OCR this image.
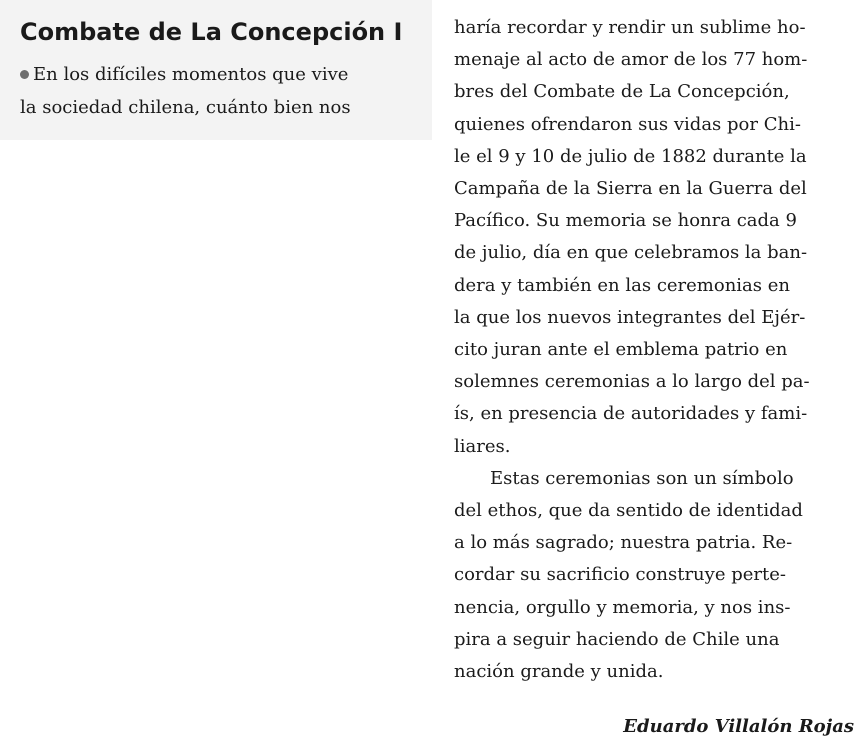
Combate de La Concepción I
En los difíciles momentos que vive
la sociedad chilena, cuánto bien nos
haría recordar y rendir un sublime ho-
menaje al acto de amor de los 77 hom-
bres del Combate de La Concepción,
quienes ofrendaron sus vidas por Chi-
le el 9 y 10 de julio de 1882 durante la
Campaña de la Sierra en la Guerra del
Pacífico. Su memoria se honra cada 9
de julio, día en que celebramos la ban-
dera y también en las ceremonias en
la que los nuevos integrantes del Ejér-
cito juran ante el emblema patrio en
solemnes ceremonias a lo largo del pa-
ís, en presencia de autoridades y fami-
liares.
Estas ceremonias son un símbolo
del ethos, que da sentido de identidad
a lo más sagrado; nuestra patria. Re-
cordar su sacrificio construye perte-
nencia, orgullo y memoria, y nos ins-
pira a seguir haciendo de Chile una
nación grande y unida.
Eduardo Villalón Rojas
